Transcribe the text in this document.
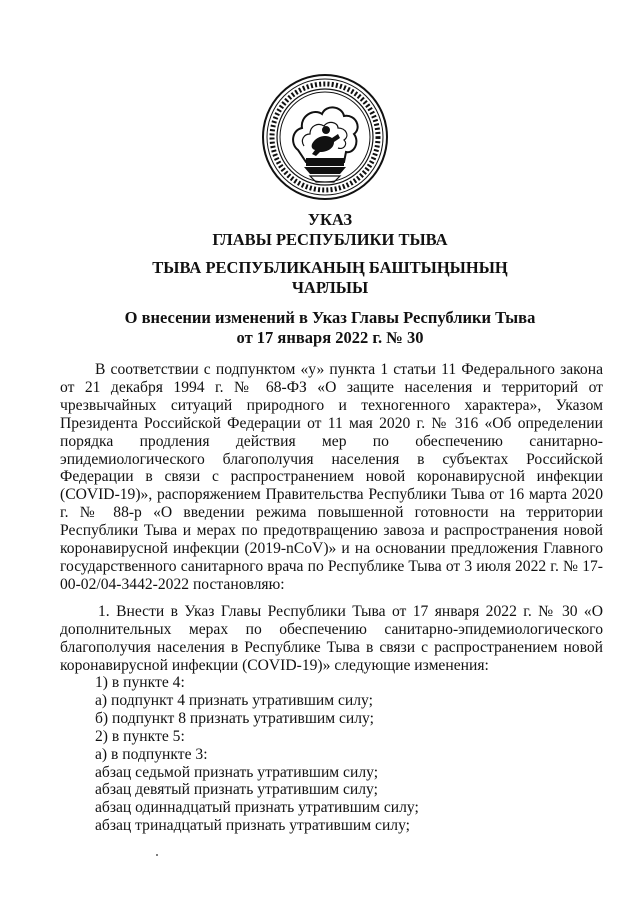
УКАЗ
ГЛАВЫ РЕСПУБЛИКИ ТЫВА
ТЫВА РЕСПУБЛИКАНЫҢ БАШТЫҢЫНЫҢ
ЧАРЛЫЫ
О внесении изменений в Указ Главы Республики Тыва
от 17 января 2022 г. № 30

В соответствии с подпунктом «у» пункта 1 статьи 11 Федерального закона от 21 декабря 1994 г. № 68-ФЗ «О защите населения и территорий от чрезвычайных ситуаций природного и техногенного характера», Указом Президента Российской Федерации от 11 мая 2020 г. № 316 «Об определении порядка продления действия мер по обеспечению санитарно-эпидемиологического благополучия населения в субъектах Российской Федерации в связи с распространением новой коронавирусной инфекции (COVID-19)», распоряжением Правительства Республики Тыва от 16 марта 2020 г. № 88-р «О введении режима повышенной готовности на территории Республики Тыва и мерах по предотвращению завоза и распространения новой коронавирусной инфекции (2019-nCoV)» и на основании предложения Главного государственного санитарного врача по Республике Тыва от 3 июля 2022 г. № 17-00-02/04-3442-2022 постановляю:

1. Внести в Указ Главы Республики Тыва от 17 января 2022 г. № 30 «О дополнительных мерах по обеспечению санитарно-эпидемиологического благополучия населения в Республике Тыва в связи с распространением новой коронавирусной инфекции (COVID-19)» следующие изменения:

1) в пункте 4:
а) подпункт 4 признать утратившим силу;
б) подпункт 8 признать утратившим силу;
2) в пункте 5:
а) в подпункте 3:
абзац седьмой признать утратившим силу;
абзац девятый признать утратившим силу;
абзац одиннадцатый признать утратившим силу;
абзац тринадцатый признать утратившим силу;
